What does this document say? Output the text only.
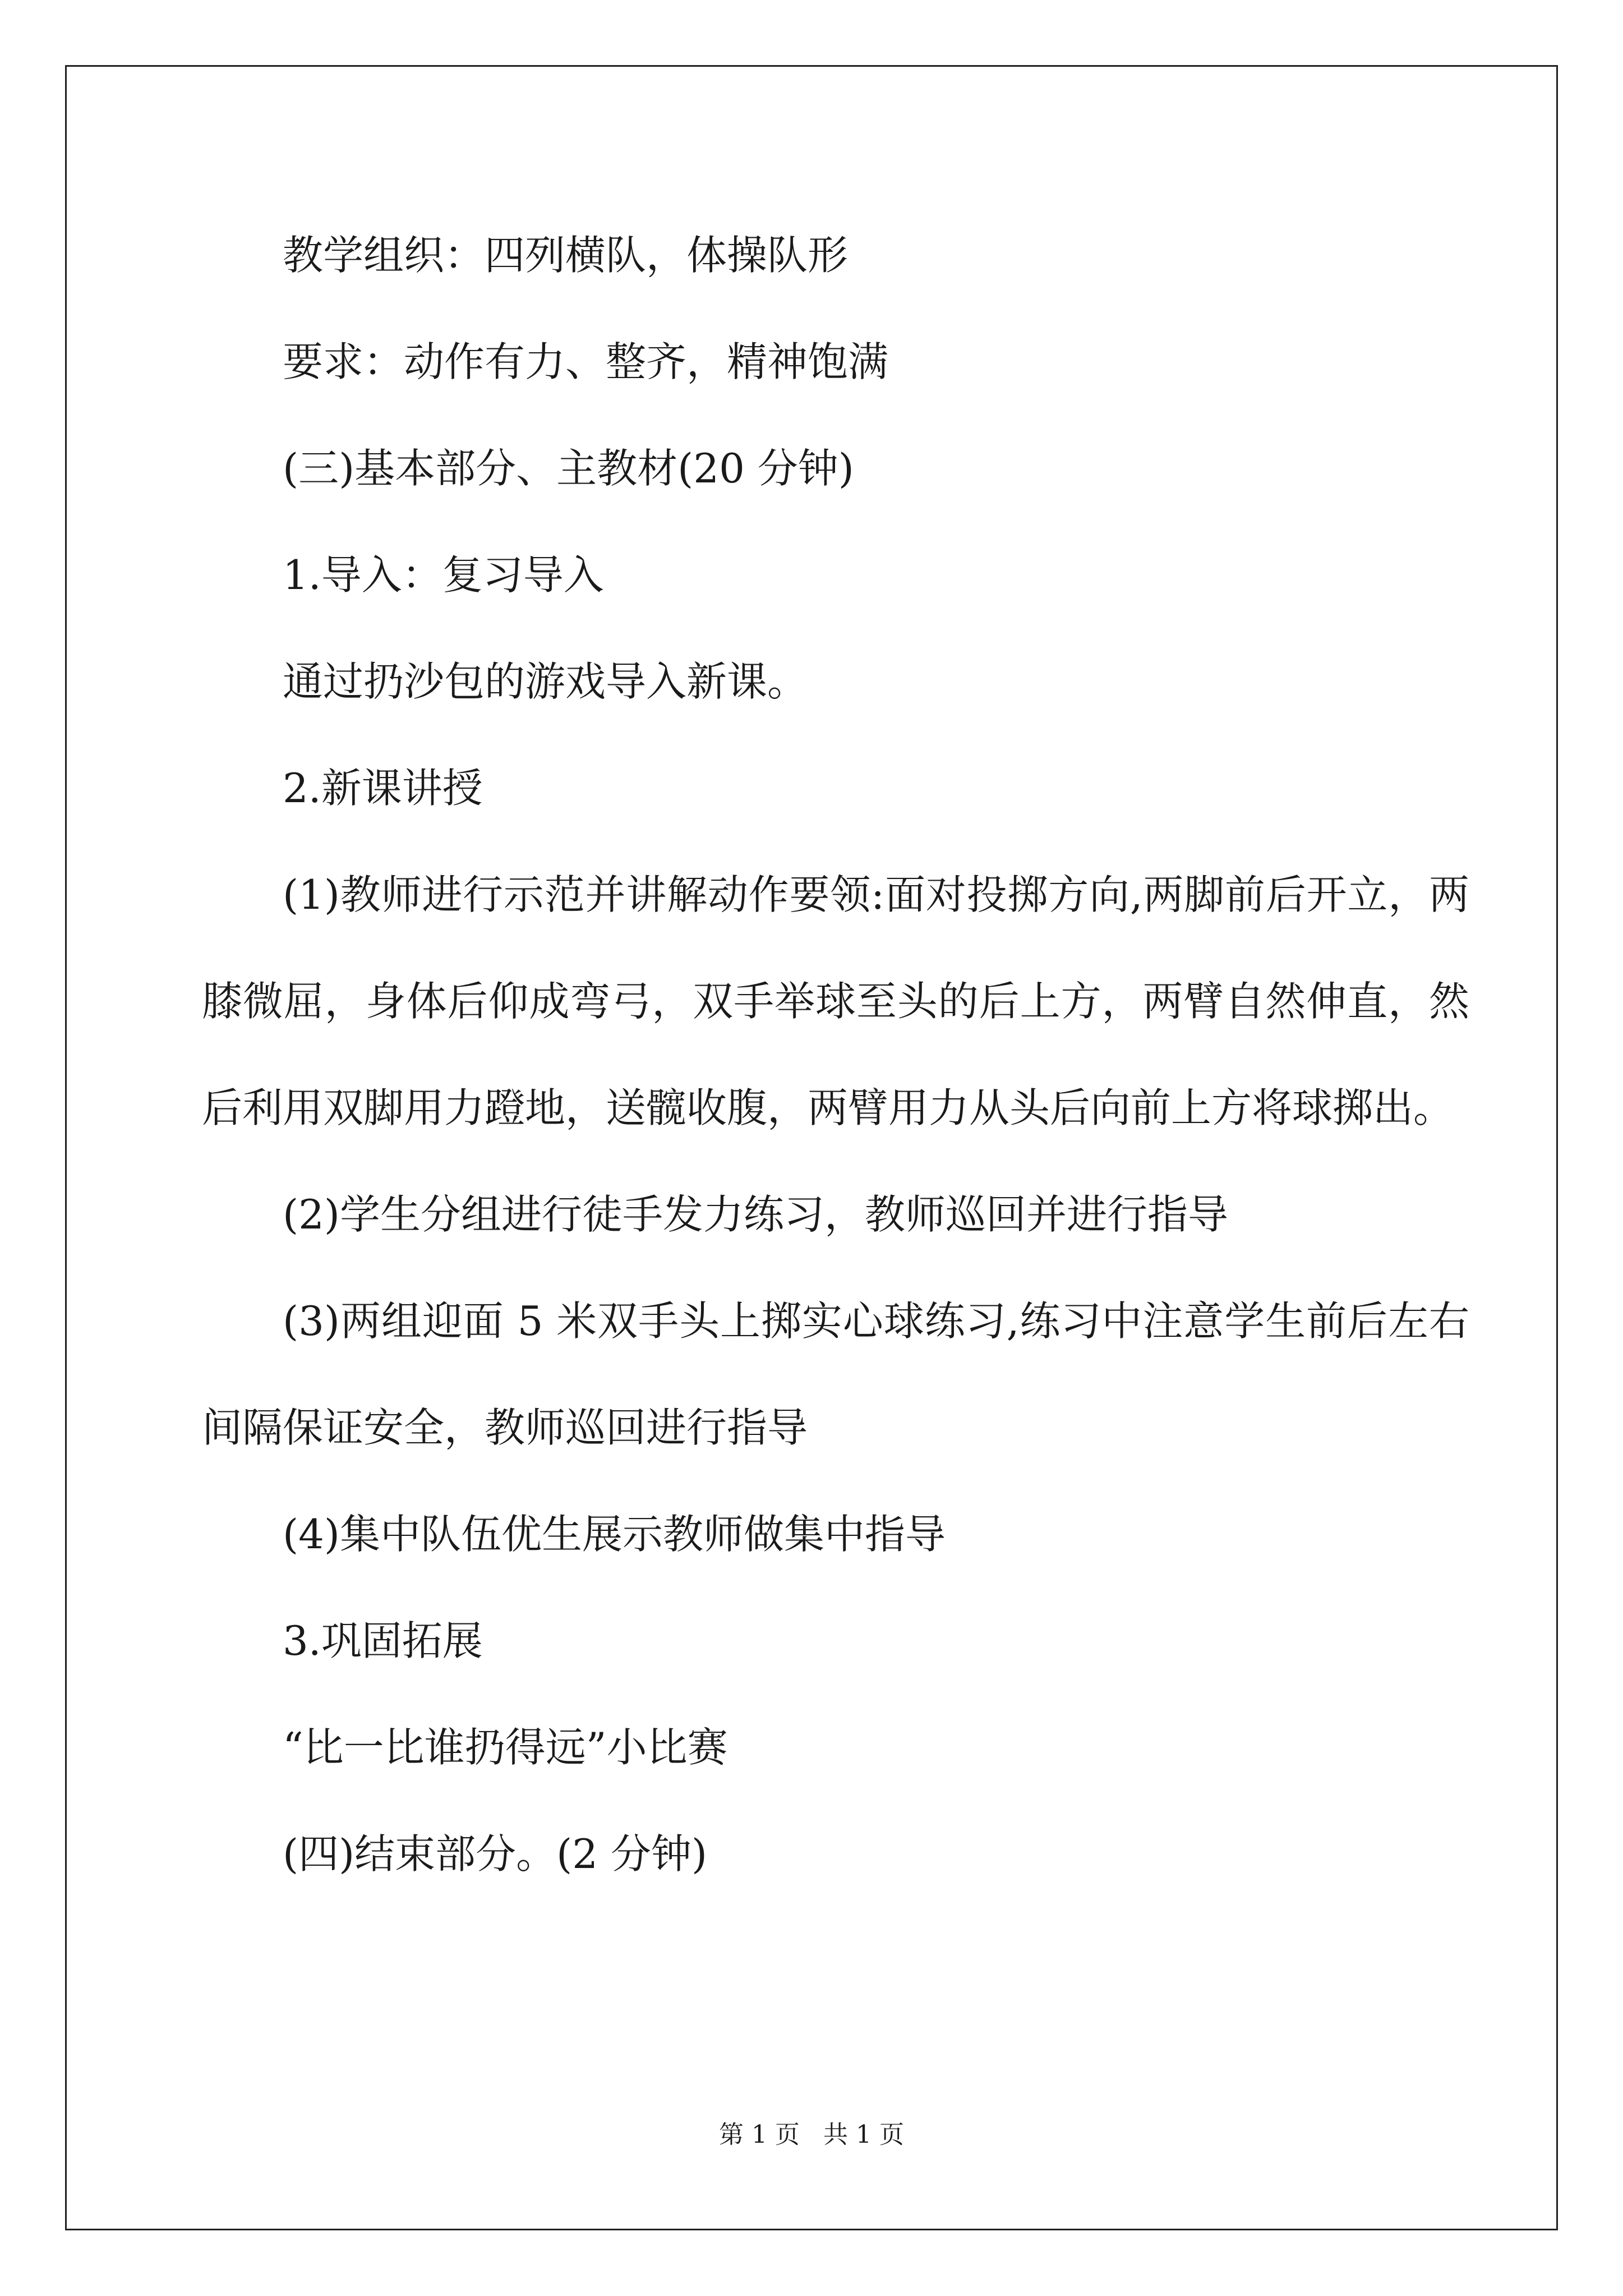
教学组织：四列横队，体操队形

要求：动作有力、整齐，精神饱满

(三)基本部分、主教材(20 分钟)

1.导入：复习导入

通过扔沙包的游戏导入新课。

2.新课讲授

(1)教师进行示范并讲解动作要领:面对投掷方向,两脚前后开立，两膝微屈，身体后仰成弯弓，双手举球至头的后上方，两臂自然伸直，然后利用双脚用力蹬地，送髋收腹，两臂用力从头后向前上方将球掷出。

(2)学生分组进行徒手发力练习，教师巡回并进行指导

(3)两组迎面 5 米双手头上掷实心球练习,练习中注意学生前后左右间隔保证安全，教师巡回进行指导

(4)集中队伍优生展示教师做集中指导

3.巩固拓展

“比一比谁扔得远”小比赛

(四)结束部分。(2 分钟)

第 1 页   共 1 页
